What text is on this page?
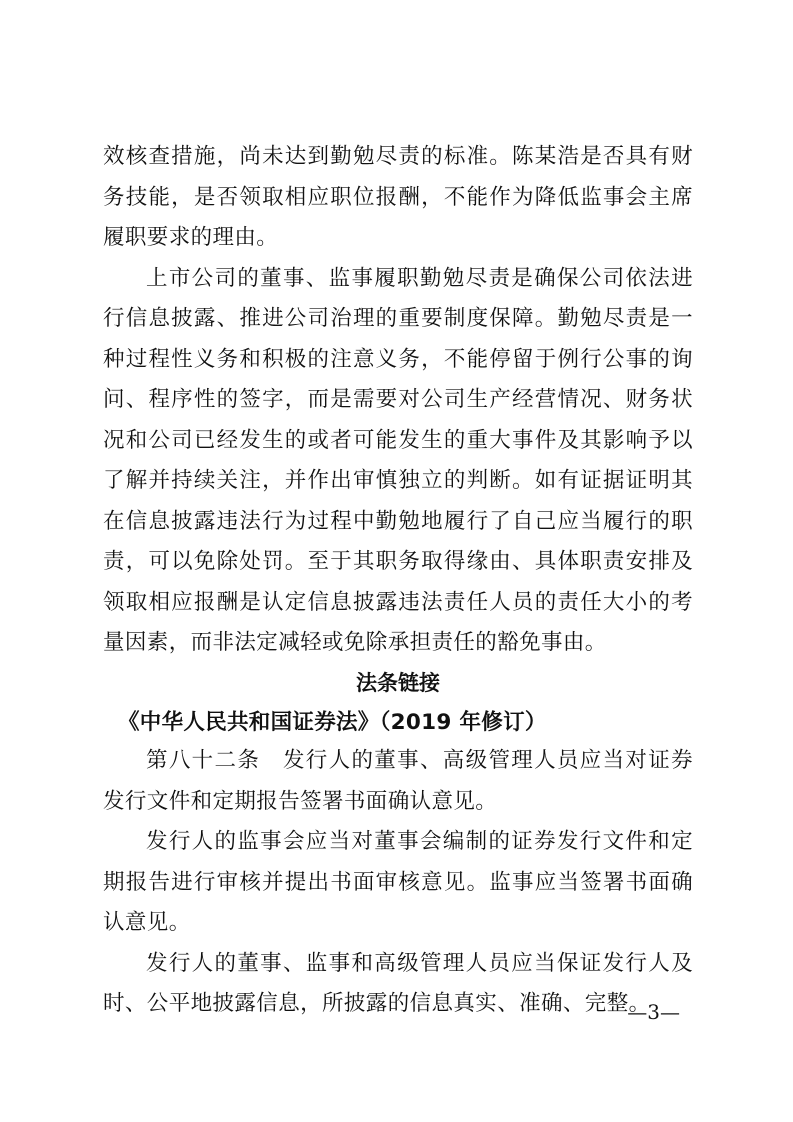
效核查措施，尚未达到勤勉尽责的标准。陈某浩是否具有财务技能，是否领取相应职位报酬，不能作为降低监事会主席履职要求的理由。

上市公司的董事、监事履职勤勉尽责是确保公司依法进行信息披露、推进公司治理的重要制度保障。勤勉尽责是一种过程性义务和积极的注意义务，不能停留于例行公事的询问、程序性的签字，而是需要对公司生产经营情况、财务状况和公司已经发生的或者可能发生的重大事件及其影响予以了解并持续关注，并作出审慎独立的判断。如有证据证明其在信息披露违法行为过程中勤勉地履行了自己应当履行的职责，可以免除处罚。至于其职务取得缘由、具体职责安排及领取相应报酬是认定信息披露违法责任人员的责任大小的考量因素，而非法定减轻或免除承担责任的豁免事由。

法条链接
《中华人民共和国证券法》（2019 年修订）

第八十二条　发行人的董事、高级管理人员应当对证券发行文件和定期报告签署书面确认意见。

发行人的监事会应当对董事会编制的证券发行文件和定期报告进行审核并提出书面审核意见。监事应当签署书面确认意见。

发行人的董事、监事和高级管理人员应当保证发行人及时、公平地披露信息，所披露的信息真实、准确、完整。

—3—
